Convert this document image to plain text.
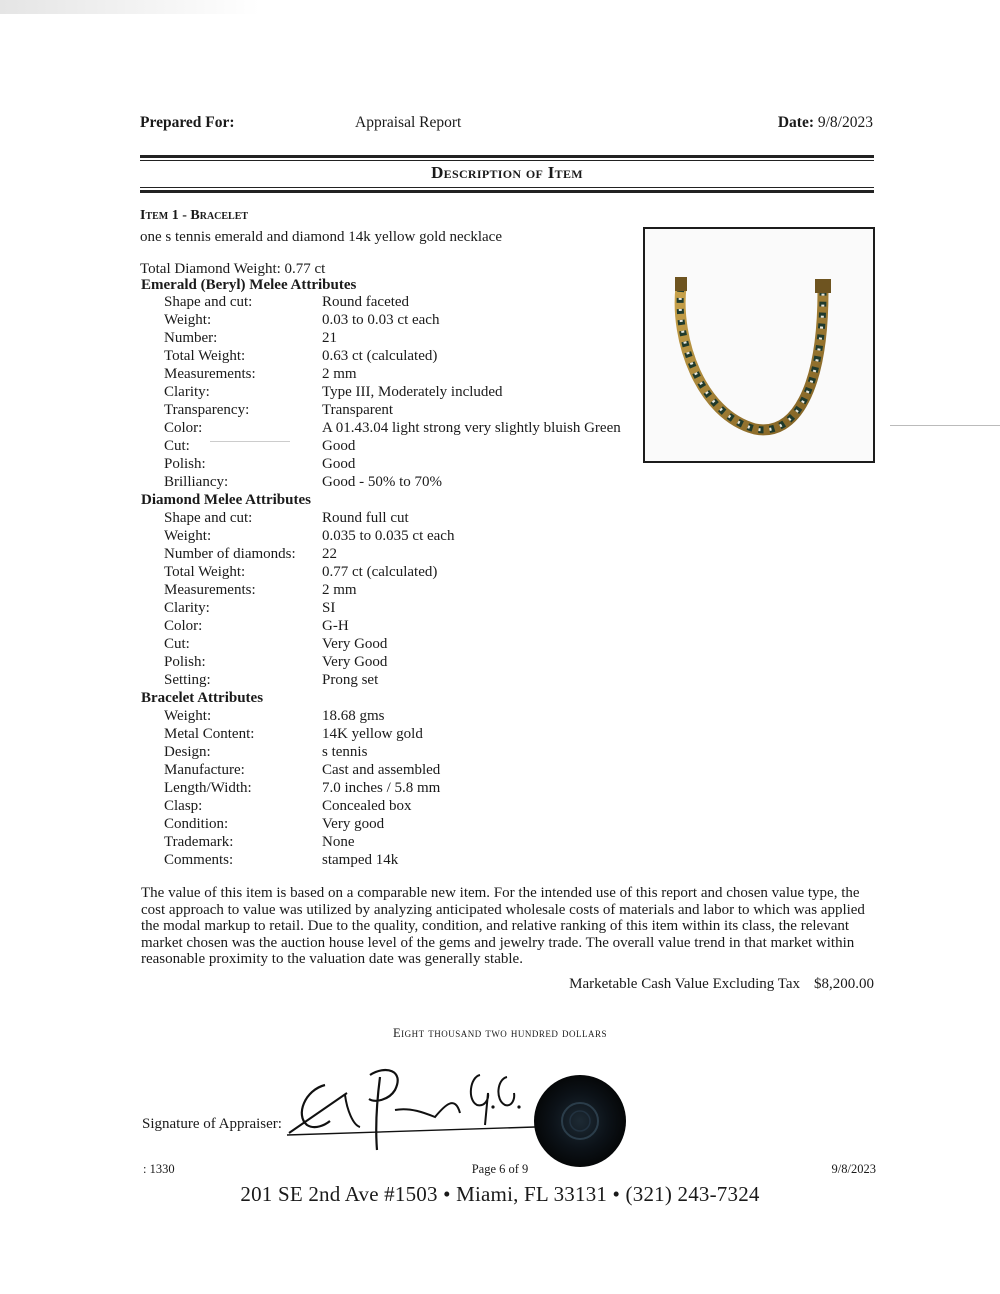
Prepared For:	Appraisal Report	Date: 9/8/2023
Description of Item
Item 1 - Bracelet
one s tennis emerald and diamond 14k yellow gold necklace
Total Diamond Weight: 0.77 ct
Emerald (Beryl) Melee Attributes
Shape and cut:	Round faceted
Weight:	0.03 to 0.03 ct each
Number:	21
Total Weight:	0.63 ct (calculated)
Measurements:	2 mm
Clarity:	Type III, Moderately included
Transparency:	Transparent
Color:	A 01.43.04 light strong very slightly bluish Green
Cut:	Good
Polish:	Good
Brilliancy:	Good - 50% to 70%
Diamond Melee Attributes
Shape and cut:	Round full cut
Weight:	0.035 to 0.035 ct each
Number of diamonds: 22
Total Weight:	0.77 ct (calculated)
Measurements:	2 mm
Clarity:	SI
Color:	G-H
Cut:	Very Good
Polish:	Very Good
Setting:	Prong set
Bracelet Attributes
Weight:	18.68 gms
Metal Content:	14K yellow gold
Design:	s tennis
Manufacture:	Cast and assembled
Length/Width:	7.0 inches / 5.8 mm
Clasp:	Concealed box
Condition:	Very good
Trademark:	None
Comments:	stamped 14k
The value of this item is based on a comparable new item. For the intended use of this report and chosen value type, the cost approach to value was utilized by analyzing anticipated wholesale costs of materials and labor to which was applied the modal markup to retail. Due to the quality, condition, and relative ranking of this item within its class, the relevant market chosen was the auction house level of the gems and jewelry trade. The overall value trend in that market within reasonable proximity to the valuation date was generally stable.
Marketable Cash Value Excluding Tax $8,200.00
Eight thousand two hundred dollars
Signature of Appraiser:
: 1330	Page 6 of 9	9/8/2023
201 SE 2nd Ave #1503 • Miami, FL 33131 • (321) 243-7324
